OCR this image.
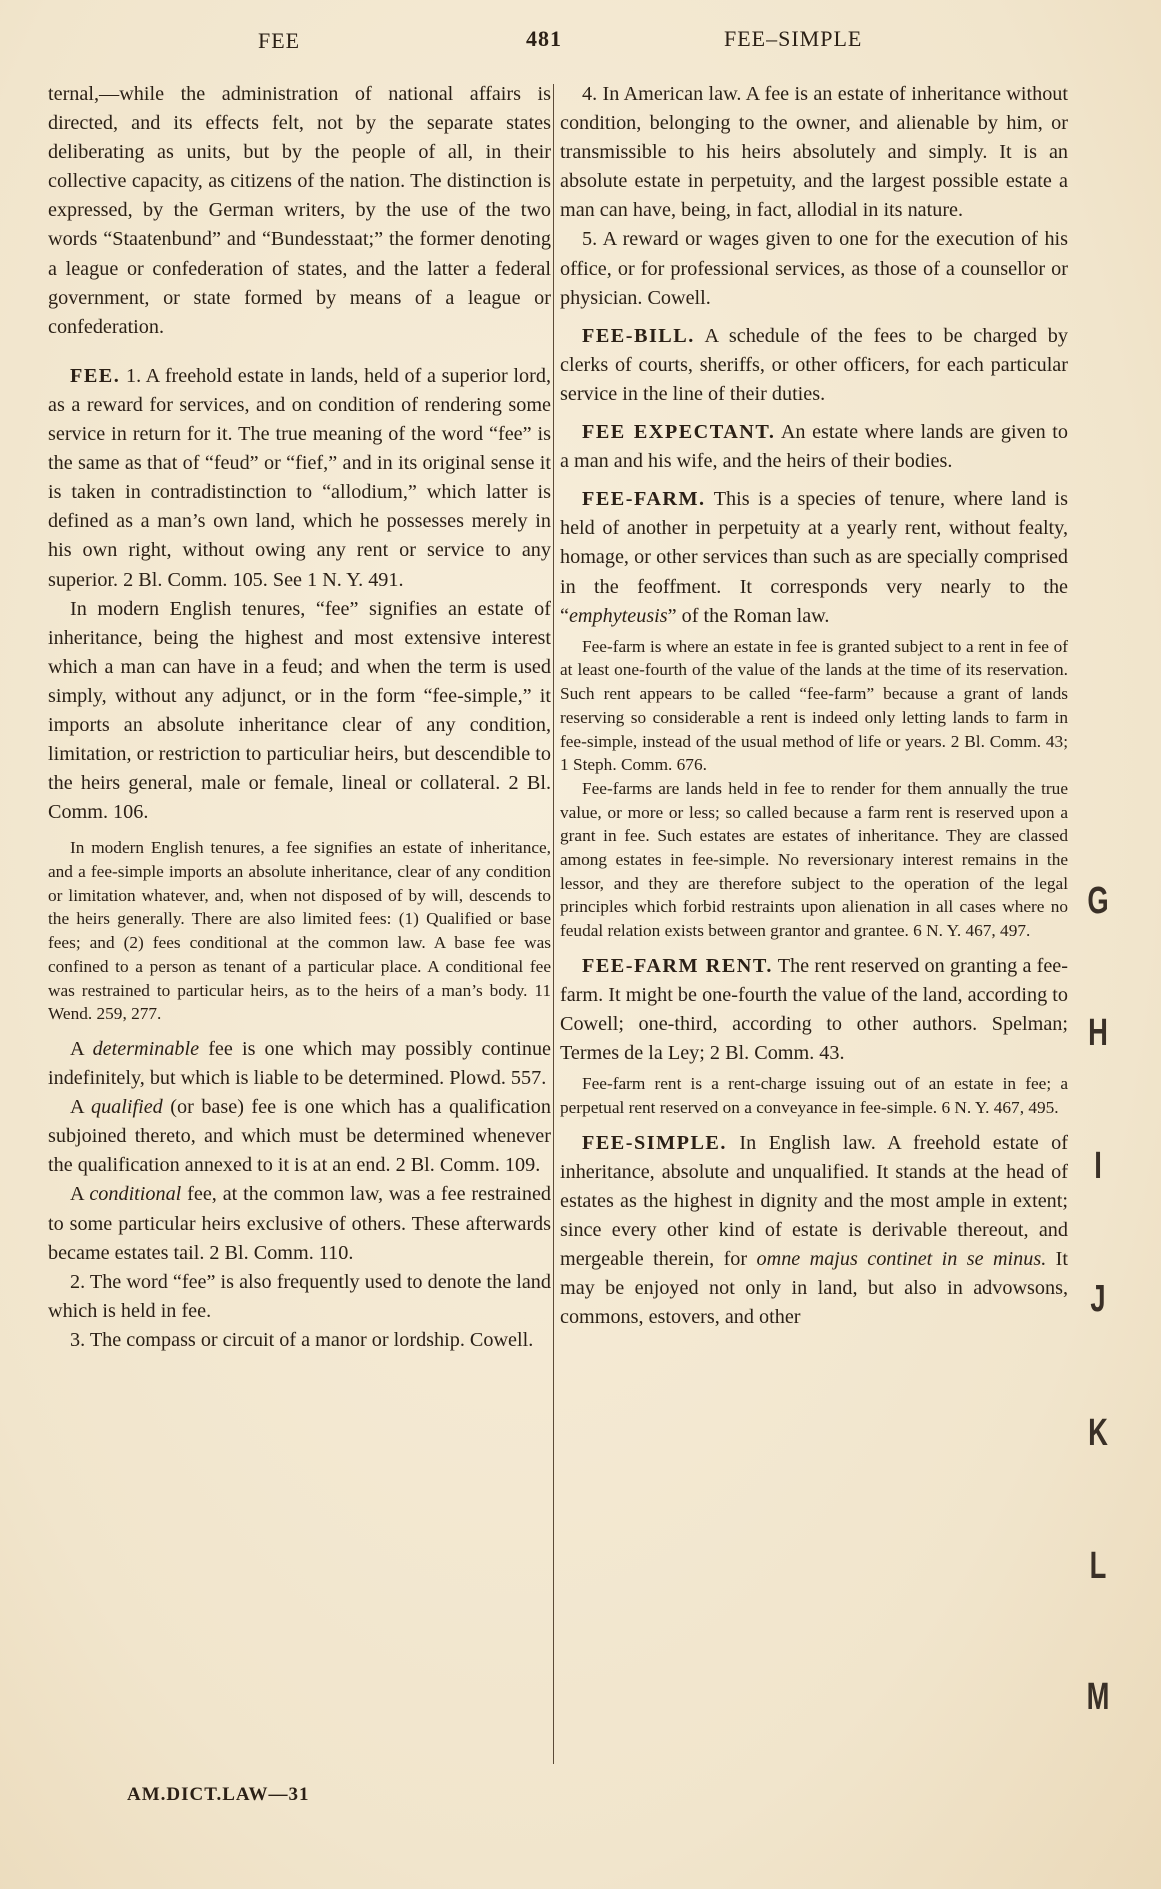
FEE	481	FEE–SIMPLE

ternal,—while the administration of national affairs is directed, and its effects felt, not by the separate states deliberating as units, but by the people of all, in their collective capacity, as citizens of the nation. The distinction is expressed, by the German writers, by the use of the two words “Staatenbund” and “Bundesstaat;” the former denoting a league or confederation of states, and the latter a federal government, or state formed by means of a league or confederation.

FEE. 1. A freehold estate in lands, held of a superior lord, as a reward for services, and on condition of rendering some service in return for it. The true meaning of the word “fee” is the same as that of “feud” or “fief,” and in its original sense it is taken in contradistinction to “allodium,” which latter is defined as a man’s own land, which he possesses merely in his own right, without owing any rent or service to any superior. 2 Bl. Comm. 105. See 1 N. Y. 491.

In modern English tenures, “fee” signifies an estate of inheritance, being the highest and most extensive interest which a man can have in a feud; and when the term is used simply, without any adjunct, or in the form “fee-simple,” it imports an absolute inheritance clear of any condition, limitation, or restriction to particuliar heirs, but descendible to the heirs general, male or female, lineal or collateral. 2 Bl. Comm. 106.

In modern English tenures, a fee signifies an estate of inheritance, and a fee-simple imports an absolute inheritance, clear of any condition or limitation whatever, and, when not disposed of by will, descends to the heirs generally. There are also limited fees: (1) Qualified or base fees; and (2) fees conditional at the common law. A base fee was confined to a person as tenant of a particular place. A conditional fee was restrained to particular heirs, as to the heirs of a man’s body. 11 Wend. 259, 277.

A determinable fee is one which may possibly continue indefinitely, but which is liable to be determined. Plowd. 557.

A qualified (or base) fee is one which has a qualification subjoined thereto, and which must be determined whenever the qualification annexed to it is at an end. 2 Bl. Comm. 109.

A conditional fee, at the common law, was a fee restrained to some particular heirs exclusive of others. These afterwards became estates tail. 2 Bl. Comm. 110.

2. The word “fee” is also frequently used to denote the land which is held in fee.

3. The compass or circuit of a manor or lordship. Cowell.

4. In American law. A fee is an estate of inheritance without condition, belonging to the owner, and alienable by him, or transmissible to his heirs absolutely and simply. It is an absolute estate in perpetuity, and the largest possible estate a man can have, being, in fact, allodial in its nature.

5. A reward or wages given to one for the execution of his office, or for professional services, as those of a counsellor or physician. Cowell.

FEE-BILL. A schedule of the fees to be charged by clerks of courts, sheriffs, or other officers, for each particular service in the line of their duties.

FEE EXPECTANT. An estate where lands are given to a man and his wife, and the heirs of their bodies.

FEE-FARM. This is a species of tenure, where land is held of another in perpetuity at a yearly rent, without fealty, homage, or other services than such as are specially comprised in the feoffment. It corresponds very nearly to the “emphyteusis” of the Roman law.

Fee-farm is where an estate in fee is granted subject to a rent in fee of at least one-fourth of the value of the lands at the time of its reservation. Such rent appears to be called “fee-farm” because a grant of lands reserving so considerable a rent is indeed only letting lands to farm in fee-simple, instead of the usual method of life or years. 2 Bl. Comm. 43; 1 Steph. Comm. 676.

Fee-farms are lands held in fee to render for them annually the true value, or more or less; so called because a farm rent is reserved upon a grant in fee. Such estates are estates of inheritance. They are classed among estates in fee-simple. No reversionary interest remains in the lessor, and they are therefore subject to the operation of the legal principles which forbid restraints upon alienation in all cases where no feudal relation exists between grantor and grantee. 6 N. Y. 467, 497.

FEE-FARM RENT. The rent reserved on granting a fee-farm. It might be one-fourth the value of the land, according to Cowell; one-third, according to other authors. Spelman; Termes de la Ley; 2 Bl. Comm. 43.

Fee-farm rent is a rent-charge issuing out of an estate in fee; a perpetual rent reserved on a conveyance in fee-simple. 6 N. Y. 467, 495.

FEE-SIMPLE. In English law. A freehold estate of inheritance, absolute and unqualified. It stands at the head of estates as the highest in dignity and the most ample in extent; since every other kind of estate is derivable thereout, and mergeable therein, for omne majus continet in se minus. It may be enjoyed not only in land, but also in advowsons, commons, estovers, and other

AM.DICT.LAW—31
G
H
I
J
K
L
M
